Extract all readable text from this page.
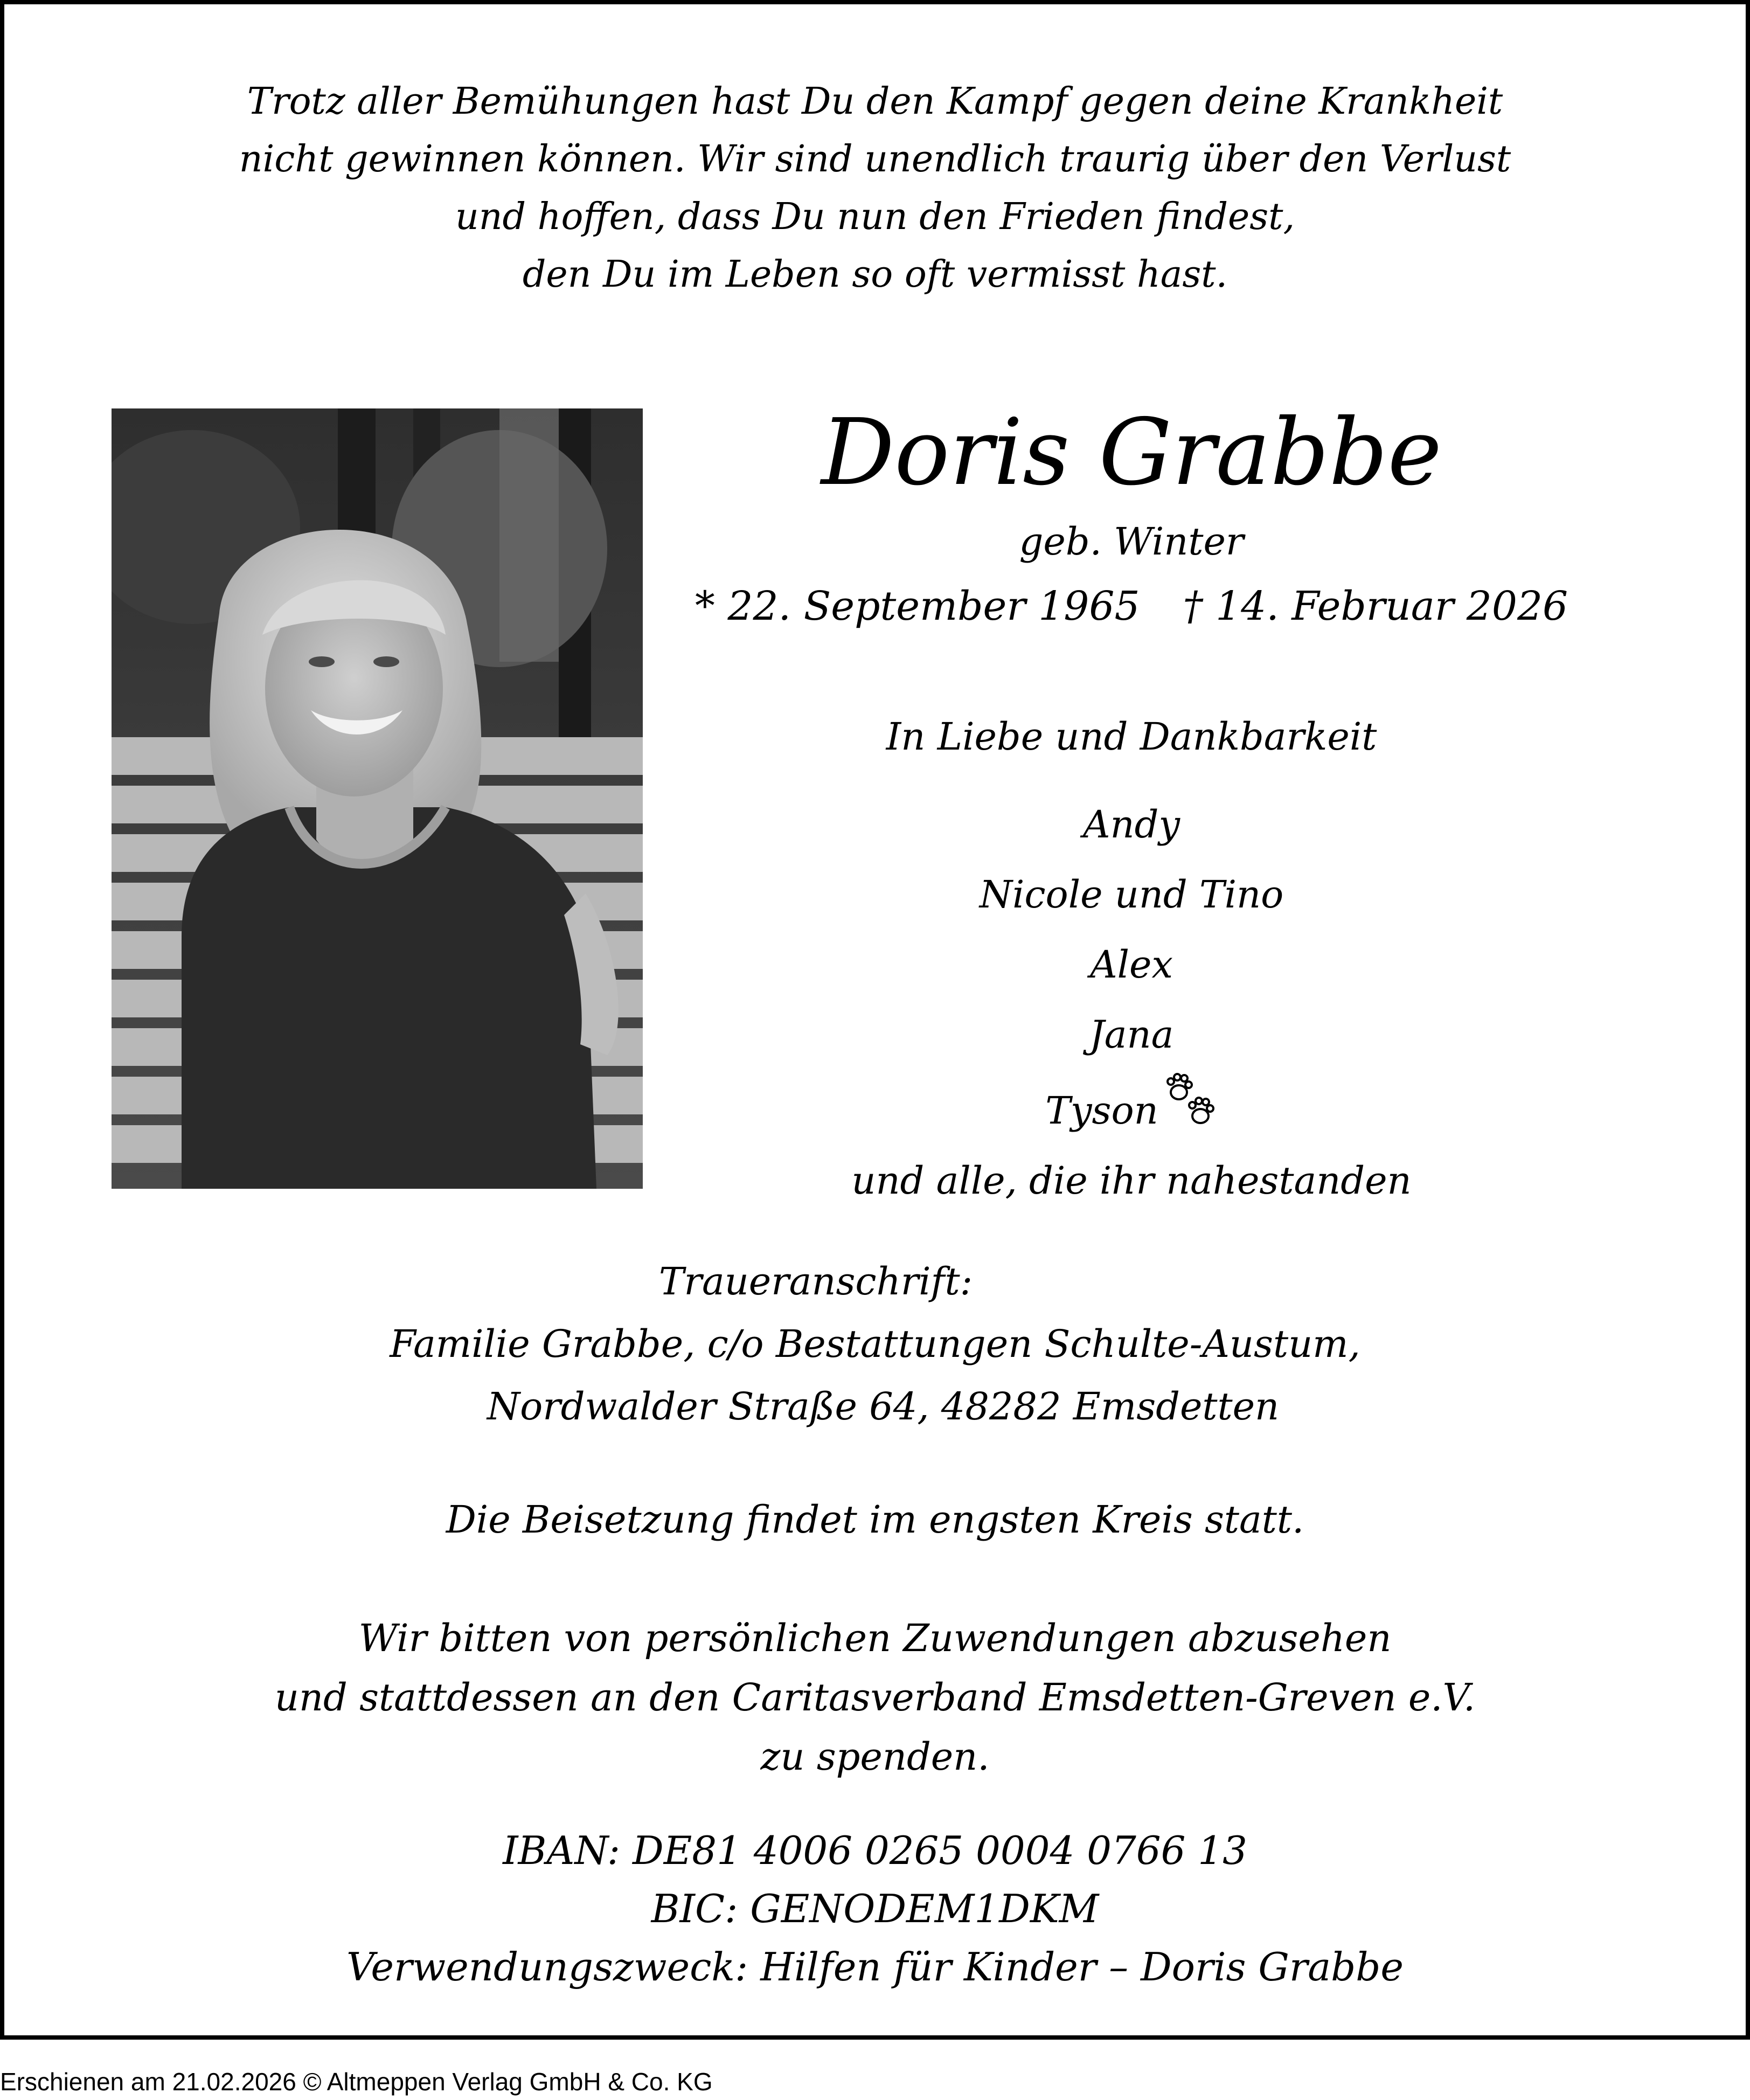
Trotz aller Bemühungen hast Du den Kampf gegen deine Krankheit
nicht gewinnen können. Wir sind unendlich traurig über den Verlust
und hoffen, dass Du nun den Frieden findest,
den Du im Leben so oft vermisst hast.
Doris Grabbe
geb. Winter
* 22. September 1965 † 14. Februar 2026
In Liebe und Dankbarkeit
Andy
Nicole und Tino
Alex
Jana
Tyson
und alle, die ihr nahestanden
Traueranschrift:
Familie Grabbe, c/o Bestattungen Schulte-Austum,
Nordwalder Straße 64, 48282 Emsdetten
Die Beisetzung findet im engsten Kreis statt.
Wir bitten von persönlichen Zuwendungen abzusehen
und stattdessen an den Caritasverband Emsdetten-Greven e.V.
zu spenden.
IBAN: DE81 4006 0265 0004 0766 13
BIC: GENODEM1DKM
Verwendungszweck: Hilfen für Kinder – Doris Grabbe
Erschienen am 21.02.2026 © Altmeppen Verlag GmbH & Co. KG
